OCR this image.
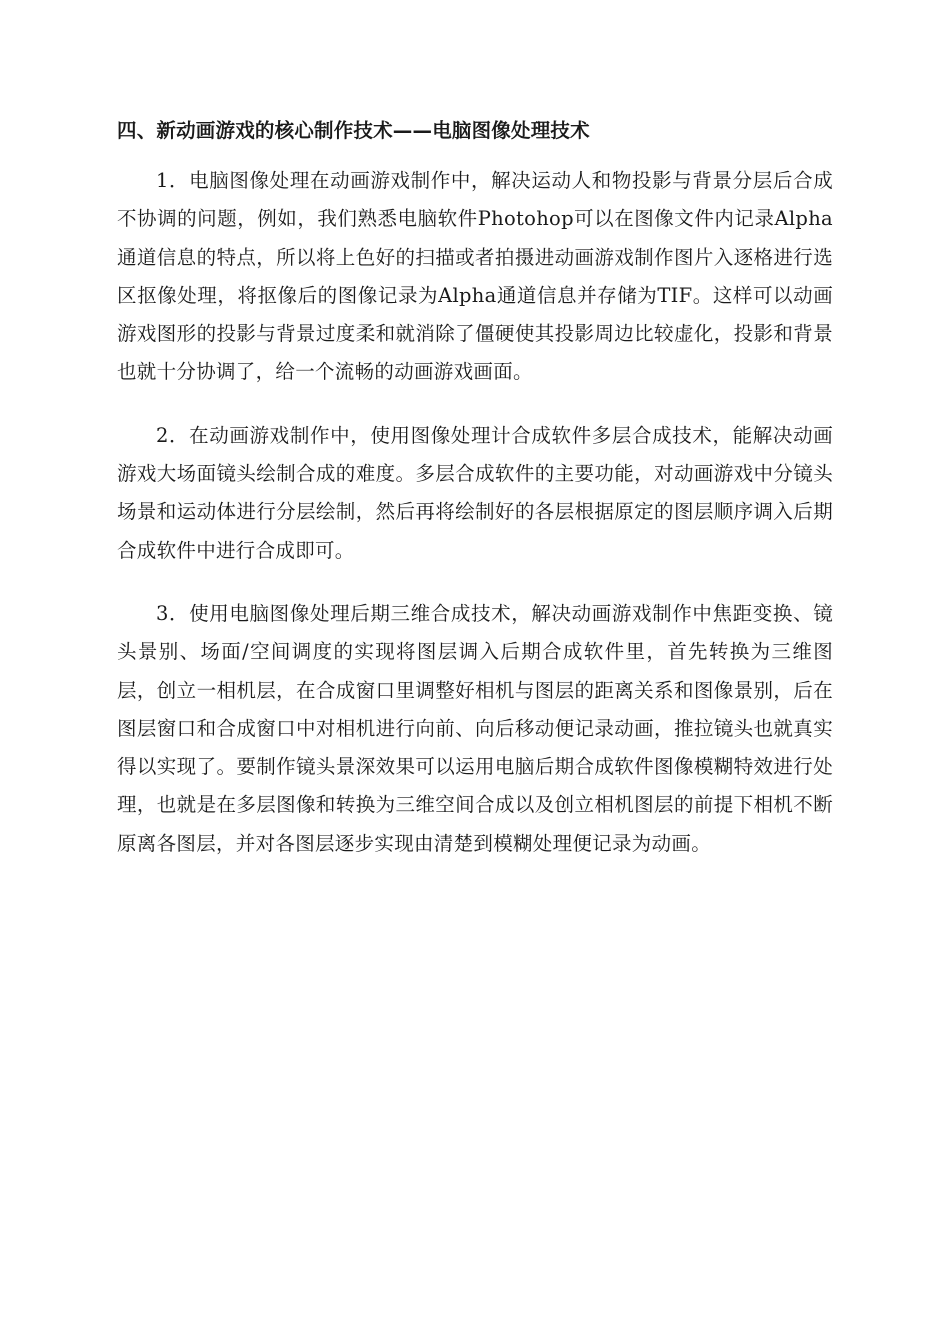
四、新动画游戏的核心制作技术——电脑图像处理技术

1．电脑图像处理在动画游戏制作中，解决运动人和物投影与背景分层后合成不协调的问题，例如，我们熟悉电脑软件Photohop可以在图像文件内记录Alpha通道信息的特点，所以将上色好的扫描或者拍摄进动画游戏制作图片入逐格进行选区抠像处理，将抠像后的图像记录为Alpha通道信息并存储为TIF。这样可以动画游戏图形的投影与背景过度柔和就消除了僵硬使其投影周边比较虚化，投影和背景也就十分协调了，给一个流畅的动画游戏画面。

2．在动画游戏制作中，使用图像处理计合成软件多层合成技术，能解决动画游戏大场面镜头绘制合成的难度。多层合成软件的主要功能，对动画游戏中分镜头场景和运动体进行分层绘制，然后再将绘制好的各层根据原定的图层顺序调入后期合成软件中进行合成即可。

3．使用电脑图像处理后期三维合成技术，解决动画游戏制作中焦距变换、镜头景别、场面/空间调度的实现将图层调入后期合成软件里，首先转换为三维图层，创立一相机层，在合成窗口里调整好相机与图层的距离关系和图像景别，后在图层窗口和合成窗口中对相机进行向前、向后移动便记录动画，推拉镜头也就真实得以实现了。要制作镜头景深效果可以运用电脑后期合成软件图像模糊特效进行处理，也就是在多层图像和转换为三维空间合成以及创立相机图层的前提下相机不断原离各图层，并对各图层逐步实现由清楚到模糊处理便记录为动画。
